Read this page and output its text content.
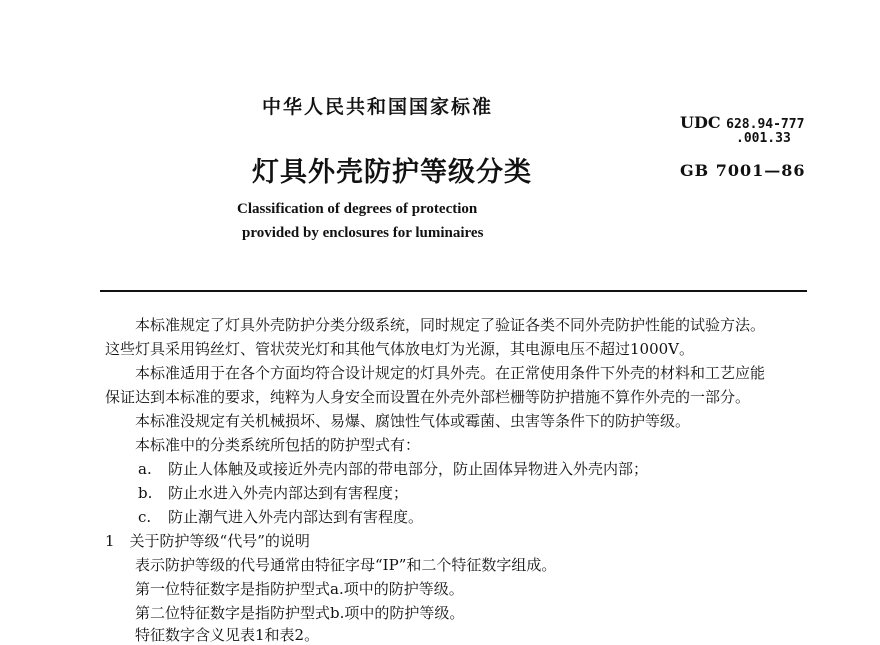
中华人民共和国国家标准
灯具外壳防护等级分类
UDC 628.94-777
.001.33
GB 7001—86
Classification of degrees of protection
provided by enclosures for luminaires
本标准规定了灯具外壳防护分类分级系统，同时规定了验证各类不同外壳防护性能的试验方法。
这些灯具采用钨丝灯、管状荧光灯和其他气体放电灯为光源，其电源电压不超过1000V。
本标准适用于在各个方面均符合设计规定的灯具外壳。在正常使用条件下外壳的材料和工艺应能
保证达到本标准的要求，纯粹为人身安全而设置在外壳外部栏栅等防护措施不算作外壳的一部分。
本标准没规定有关机械损坏、易爆、腐蚀性气体或霉菌、虫害等条件下的防护等级。
本标准中的分类系统所包括的防护型式有：
a. 防止人体触及或接近外壳内部的带电部分，防止固体异物进入外壳内部；
b. 防止水进入外壳内部达到有害程度；
c. 防止潮气进入外壳内部达到有害程度。
1　关于防护等级“代号”的说明
表示防护等级的代号通常由特征字母“IP”和二个特征数字组成。
第一位特征数字是指防护型式a.项中的防护等级。
第二位特征数字是指防护型式b.项中的防护等级。
特征数字含义见表1和表2。
